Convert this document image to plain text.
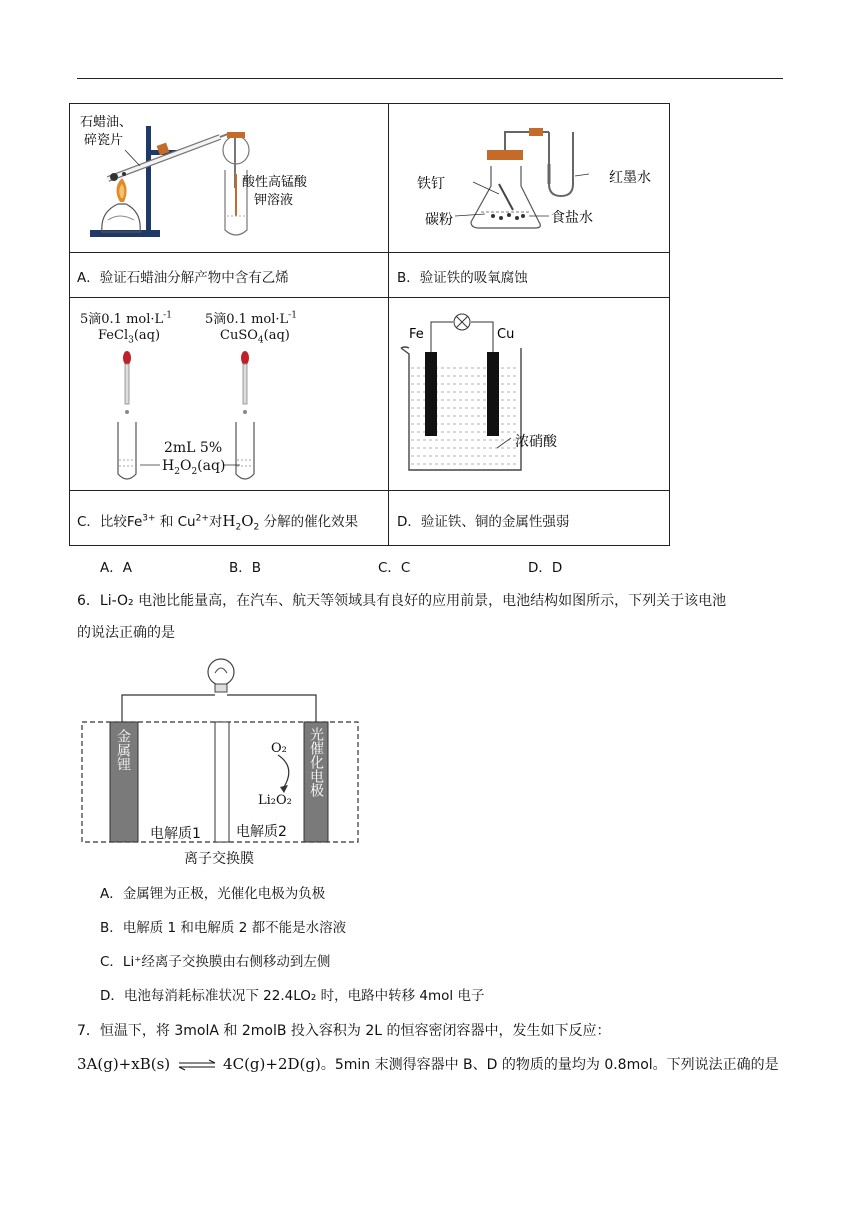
石蜡油、
碎瓷片
酸性高锰酸
钾溶液
铁钉	红墨水
碳粉	食盐水
A．验证石蜡油分解产物中含有乙烯	B．验证铁的吸氧腐蚀
5滴0.1 $mol\cdot L^{-1}$
FeCl$_3$(aq)
5滴0.1 $mol\cdot L^{-1}$
CuSO$_4$(aq)
2mL 5%
$H_2O_2(aq)$
Fe	Cu
浓硝酸
C．比较$Fe^{3+}$ 和 $Cu^{2+}$对$H_2O_2$ 分解的催化效果	D．验证铁、铜的金属性强弱
A．A	B．B	C．C	D．D
6．Li-O₂ 电池比能量高，在汽车、航天等领域具有良好的应用前景，电池结构如图所示，下列关于该电池
的说法正确的是
金属锂	光催化电极
O₂
Li₂O₂
电解质1	电解质2
离子交换膜
A．金属锂为正极，光催化电极为负极
B．电解质 1 和电解质 2 都不能是水溶液
C．Li⁺经离子交换膜由右侧移动到左侧
D．电池每消耗标准状况下 22.4LO₂ 时，电路中转移 4mol 电子
7．恒温下，将 3molA 和 2molB 投入容积为 2L 的恒容密闭容器中，发生如下反应：
3A(g)+xB(s) ⇌ 4C(g)+2D(g)。5min 末测得容器中 B、D 的物质的量均为 0.8mol。下列说法正确的是
